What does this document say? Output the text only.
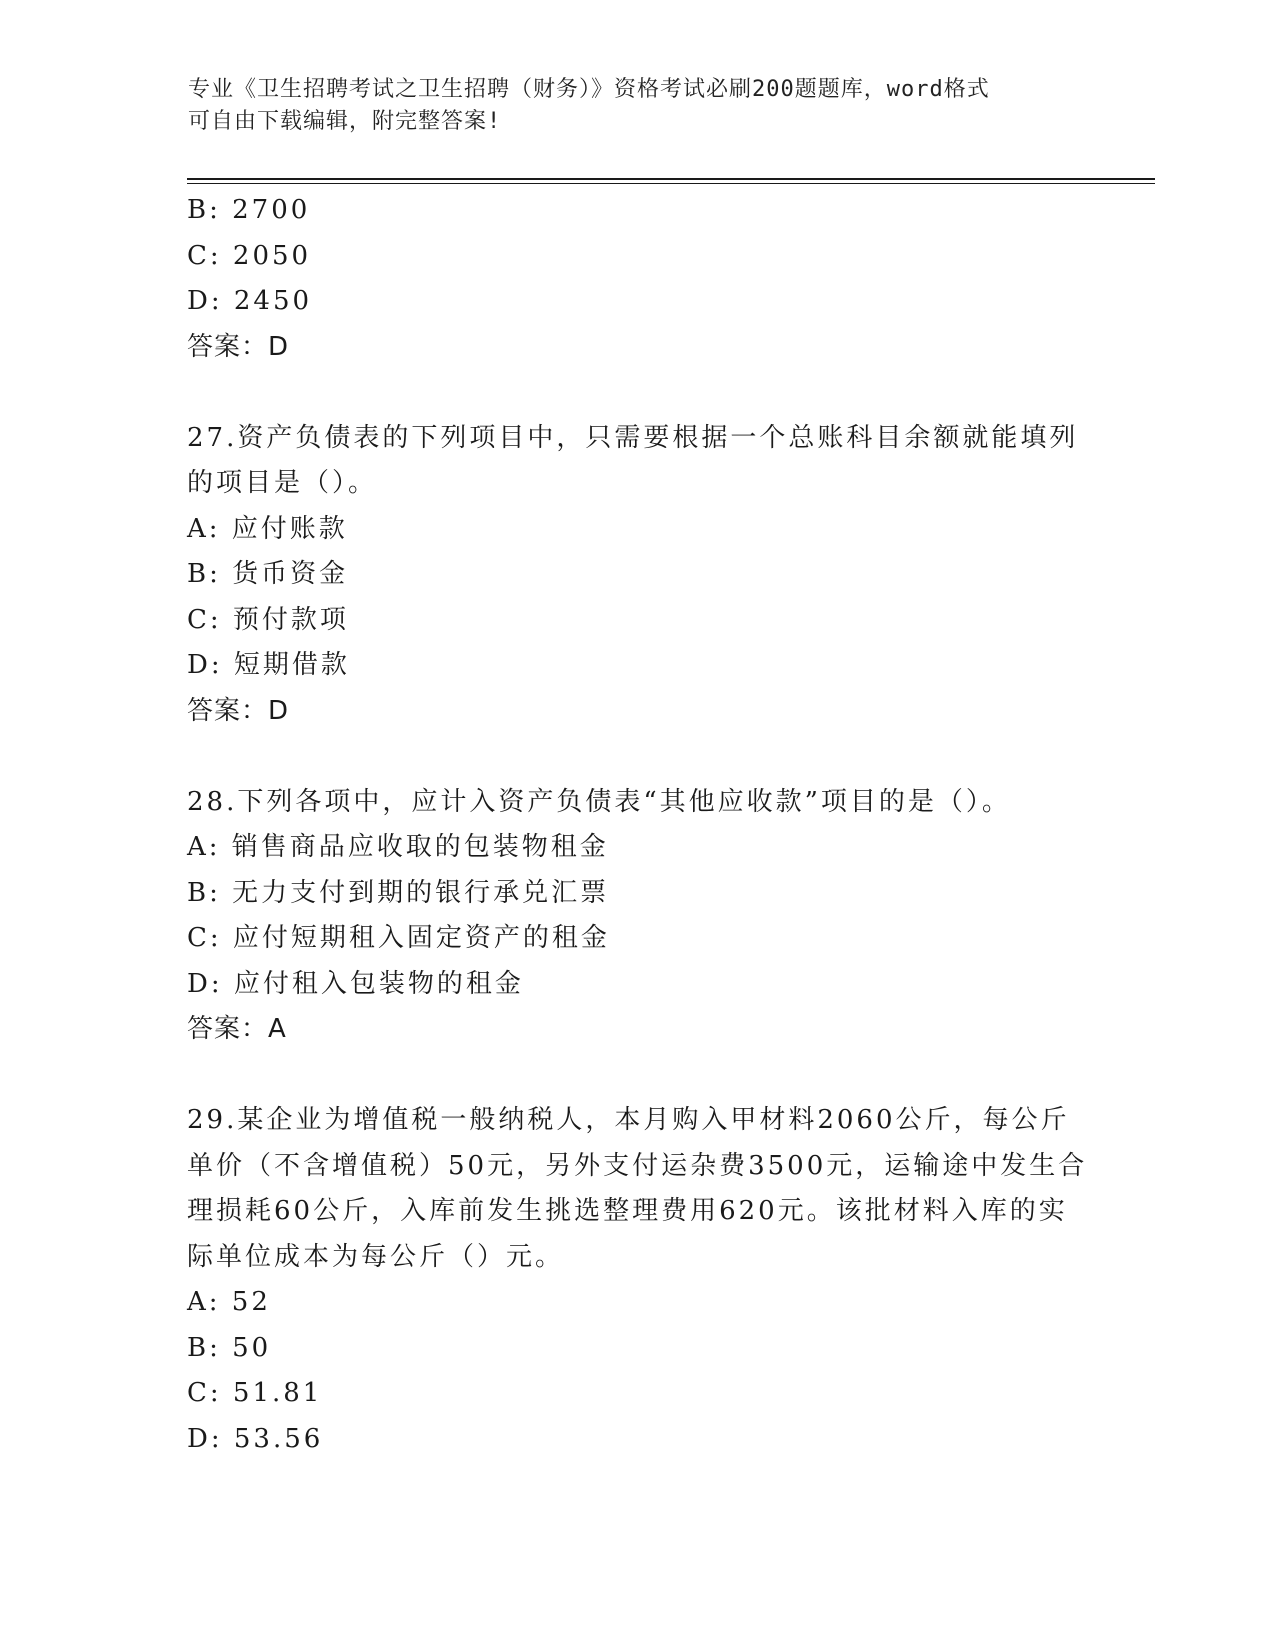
专业《卫生招聘考试之卫生招聘（财务）》资格考试必刷200题题库，word格式
可自由下载编辑，附完整答案!
B: 2700
C: 2050
D: 2450
答案：D
27.资产负债表的下列项目中，只需要根据一个总账科目余额就能填列
的项目是（）。
A: 应付账款
B: 货币资金
C: 预付款项
D: 短期借款
答案：D
28.下列各项中，应计入资产负债表“其他应收款”项目的是（）。
A: 销售商品应收取的包装物租金
B: 无力支付到期的银行承兑汇票
C: 应付短期租入固定资产的租金
D: 应付租入包装物的租金
答案：A
29.某企业为增值税一般纳税人，本月购入甲材料2060公斤，每公斤
单价（不含增值税）50元，另外支付运杂费3500元，运输途中发生合
理损耗60公斤，入库前发生挑选整理费用620元。该批材料入库的实
际单位成本为每公斤（）元。
A: 52
B: 50
C: 51.81
D: 53.56
